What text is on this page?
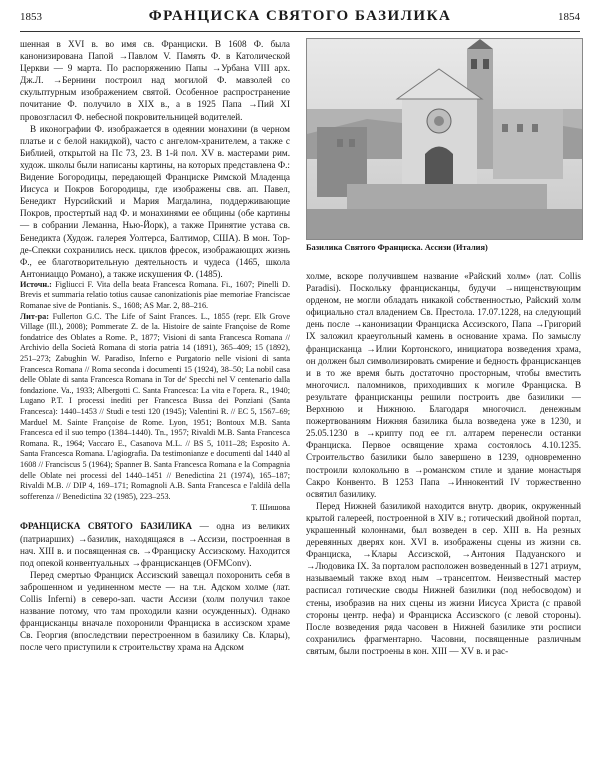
1853	ФРАНЦИСКА СВЯТОГО БАЗИЛИКА	1854

шенная в XVI в. во имя св. Франциски. В 1608 Ф. была канонизирована Папой →Павлом V. Память Ф. в Католической Церкви — 9 марта. По распоряжению Папы →Урбана VIII арх. Дж.Л. →Бернини построил над могилой Ф. мавзолей со скульптурным изображением святой. Особенное распространение почитание Ф. получило в XIX в., а в 1925 Папа →Пий XI провозгласил Ф. небесной покровительницей водителей.

В иконографии Ф. изображается в одеянии монахини (в черном платье и с белой накидкой), часто с ангелом-хранителем, а также с Библией, открытой на Пс 73, 23. В 1-й пол. XV в. мастерами рим. худож. школы были написаны картины, на которых представлена Ф.: Видение Богородицы, передающей Франциске Римской Младенца Иисуса и Покров Богородицы, где изображены свв. ап. Павел, Бенедикт Нурсийский и Мария Магдалина, поддерживающие Покров, простертый над Ф. и монахинями ее общины (обе картины — в собрании Леманна, Нью-Йорк), а также Принятие устава св. Бенедикта (Худож. галерея Уолтерса, Балтимор, США). В мон. Тор-де-Спекки сохранились неск. циклов фресок, изображающих жизнь Ф., ее благотворительную деятельность и чудеса (1465, школа Антониаццо Романо), а также искушения Ф. (1485).

Источн.: Figliucci F. Vita della beata Francesca Romana. Fi., 1607; Pinelli D. Brevis et summaria relatio totius causae canonizationis piae memoriae Franciscae Romanae sive de Pontianis. S., 1608; AS Mar. 2, 88–216.

Лит-ра: Fullerton G.C. The Life of Saint Frances. L., 1855 (repr. Elk Grove Village (Ill.), 2008); Pommerate Z. de la. Histoire de sainte Françoise de Rome fondatrice des Oblates a Rome. P., 1877; Visioni di santa Francesca Romana // Archivio della Società Romana di storia patria 14 (1891), 365–409; 15 (1892), 251–273; Zabughin W. Paradiso, Inferno e Purgatorio nelle visioni di santa Francesca Romana // Roma seconda i documenti 15 (1924), 38–50; La nobil casa delle Oblate di santa Francesca Romana in Tor de' Specchi nel V centenario dalla fondazione. Va., 1933; Albergotti C. Santa Francesca: La vita e l'opera. R., 1940; Lugano P.T. I processi inediti per Francesca Bussa dei Ponziani (Santa Francesca): 1440–1453 // Studi e testi 120 (1945); Valentini R. // EC 5, 1567–69; Marduel M. Sainte Françoise de Rome. Lyon, 1951; Bontoux M.B. Santa Francesca ed il suo tempo (1384–1440). Tn., 1957; Rivaldi M.B. Santa Francesca Romana. R., 1964; Vaccaro E., Casanova M.L. // BS 5, 1011–28; Esposito A. Santa Francesca Romana. L'agiografia. Da testimonianze e documenti dal 1440 al 1608 // Franciscus 5 (1964); Spanner B. Santa Francesca Romana e la Compagnia delle Oblate nei processi del 1440–1451 // Benedictina 21 (1974), 165–187; Rivaldi M.B. // DIP 4, 169–171; Romagnoli A.B. Santa Francesca e l'aldilà della sofferenza // Benedictina 32 (1985), 223–253.

Т. Шишова

ФРАНЦИСКА СВЯТОГО БАЗИЛИКА — одна из великих (патриарших) →базилик, находящаяся в →Ассизи, построенная в нач. XIII в. и посвященная св. →Франциску Ассизскому. Находится под опекой конвентуальных →францисканцев (OFMConv).

Перед смертью Франциск Ассизский завещал похоронить себя в заброшенном и уединенном месте — на т.н. Адском холме (лат. Collis Inferni) в северо-зап. части Ассизи (холм получил такое название потому, что там проходили казни осужденных). Однако францисканцы вначале похоронили Франциска в ассизском храме Св. Георгия (впоследствии перестроенном в базилику Св. Клары), после чего приступили к строительству храма на Адском

Базилика Святого Франциска. Ассизи (Италия)

холме, вскоре получившем название «Райский холм» (лат. Collis Paradisi). Поскольку францисканцы, будучи →нищенствующим орденом, не могли обладать никакой собственностью, Райский холм официально стал владением Св. Престола. 17.07.1228, на следующий день после →канонизации Франциска Ассизского, Папа →Григорий IX заложил краеугольный камень в основание храма. По замыслу францисканца →Илии Кортонского, инициатора возведения храма, он должен был символизировать смирение и бедность францисканцев и в то же время быть достаточно просторным, чтобы вместить многочисл. паломников, приходивших к могиле Франциска. В результате францисканцы решили построить две базилики — Верхнюю и Нижнюю. Благодаря многочисл. денежным пожертвованиям Нижняя базилика была возведена уже в 1230, и 25.05.1230 в →крипту под ее гл. алтарем перенесли останки Франциска. Первое освящение храма состоялось 4.10.1235. Строительство базилики было завершено в 1239, одновременно построили колокольню в →романском стиле и здание монастыря Сакро Конвенто. В 1253 Папа →Иннокентий IV торжественно освятил базилику.

Перед Нижней базиликой находится внутр. дворик, окруженный крытой галереей, построенной в XIV в.; готический двойной портал, украшенный колоннами, был возведен в сер. XIII в. На резных деревянных дверях кон. XVI в. изображены сцены из жизни св. Франциска, →Клары Ассизской, →Антония Падуанского и →Людовика IX. За порталом расположен возведенный в 1271 атриум, называемый также вход ным →трансептом. Неизвестный мастер расписал готические своды Нижней базилики (под небосводом) и стены, изобразив на них сцены из жизни Иисуса Христа (с правой стороны центр. нефа) и Франциска Ассизского (с левой стороны). После возведения ряда часовен в Нижней базилике эти росписи сохранились фрагментарно. Часовни, посвященные различным святым, были построены в кон. XIII — XV в. и рас-
